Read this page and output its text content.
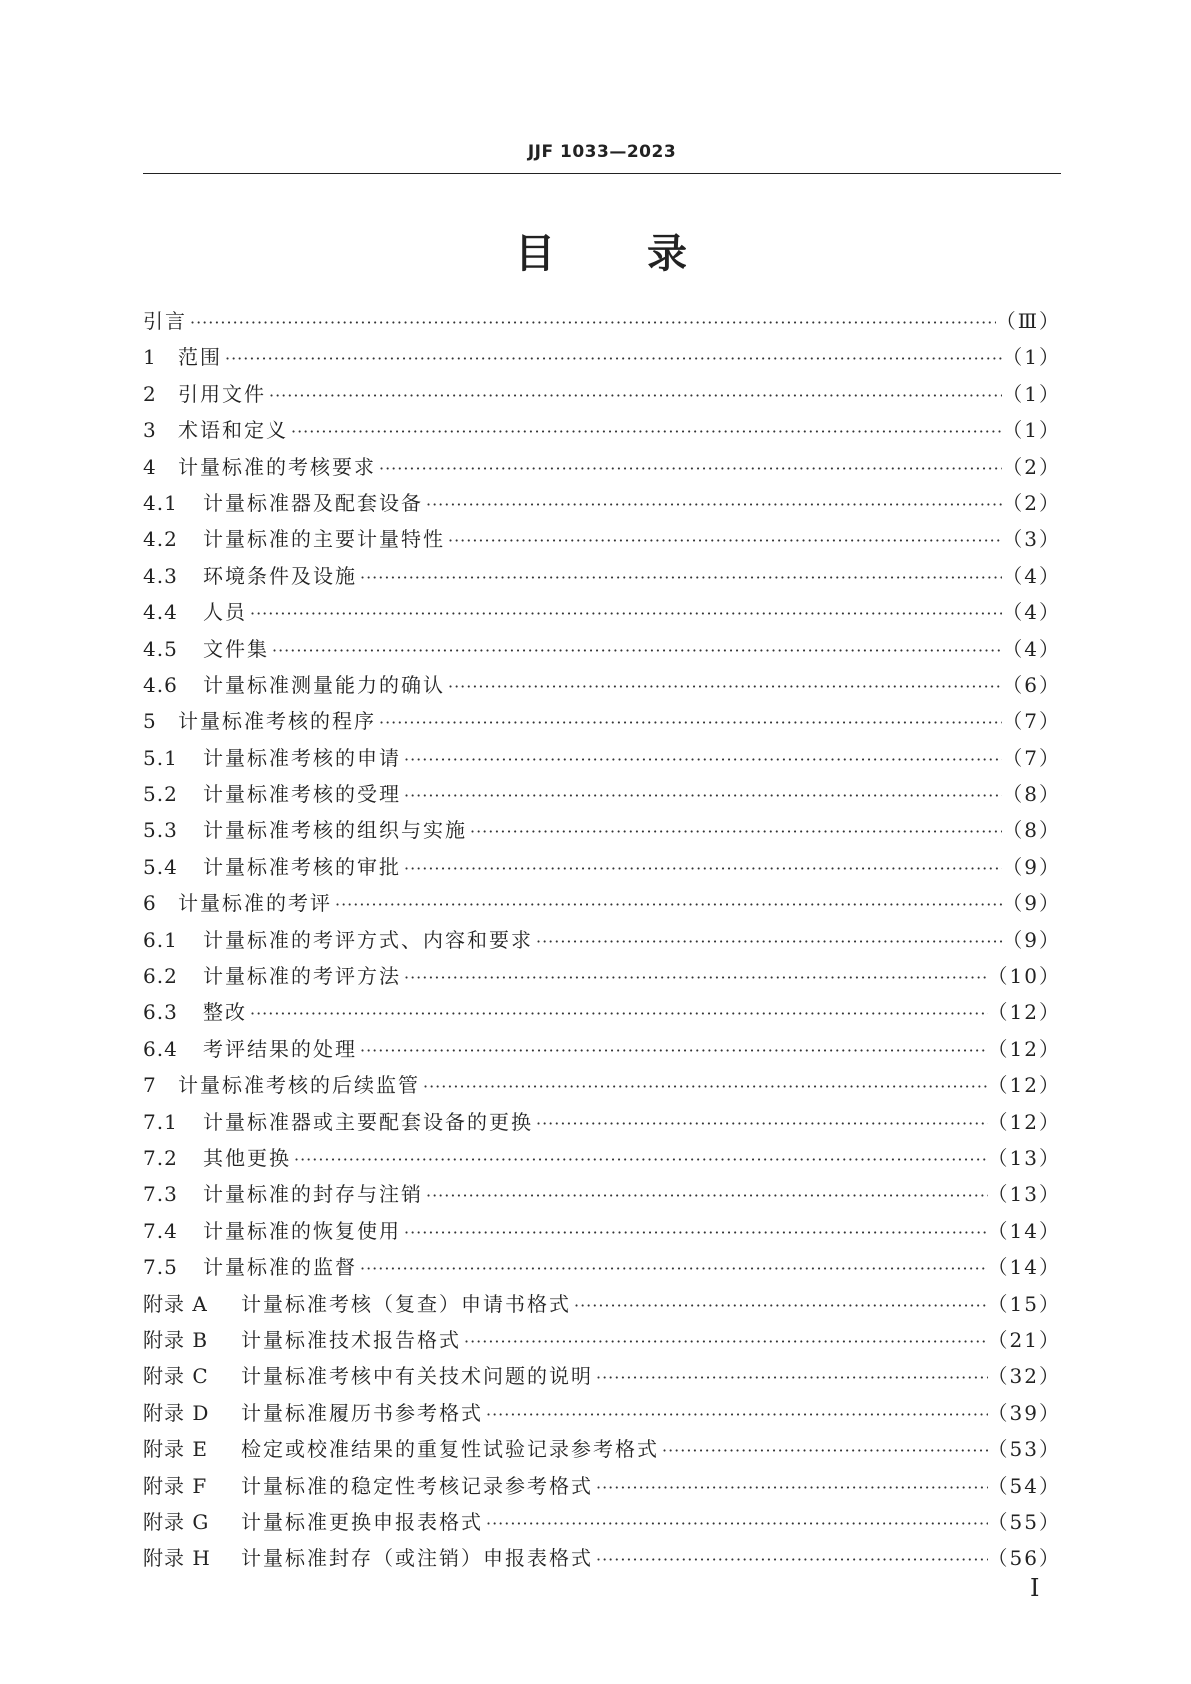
JJF 1033—2023
目 录
引言 ·····	（Ⅲ）
1	范围 ·····	（1）
2	引用文件 ·····	（1）
3	术语和定义 ·····	（1）
4	计量标准的考核要求 ·····	（2）
4.1	计量标准器及配套设备 ·····	（2）
4.2	计量标准的主要计量特性 ·····	（3）
4.3	环境条件及设施 ·····	（4）
4.4	人员 ·····	（4）
4.5	文件集 ·····	（4）
4.6	计量标准测量能力的确认 ·····	（6）
5	计量标准考核的程序 ·····	（7）
5.1	计量标准考核的申请 ·····	（7）
5.2	计量标准考核的受理 ·····	（8）
5.3	计量标准考核的组织与实施 ·····	（8）
5.4	计量标准考核的审批 ·····	（9）
6	计量标准的考评 ·····	（9）
6.1	计量标准的考评方式、内容和要求 ·····	（9）
6.2	计量标准的考评方法 ·····	（10）
6.3	整改 ·····	（12）
6.4	考评结果的处理 ·····	（12）
7	计量标准考核的后续监管 ·····	（12）
7.1	计量标准器或主要配套设备的更换 ·····	（12）
7.2	其他更换 ·····	（13）
7.3	计量标准的封存与注销 ·····	（13）
7.4	计量标准的恢复使用 ·····	（14）
7.5	计量标准的监督 ·····	（14）
附录 A	计量标准考核（复查）申请书格式 ·····	（15）
附录 B	计量标准技术报告格式 ·····	（21）
附录 C	计量标准考核中有关技术问题的说明 ·····	（32）
附录 D	计量标准履历书参考格式 ·····	（39）
附录 E	检定或校准结果的重复性试验记录参考格式 ·····	（53）
附录 F	计量标准的稳定性考核记录参考格式 ·····	（54）
附录 G	计量标准更换申报表格式 ·····	（55）
附录 H	计量标准封存（或注销）申报表格式 ·····	（56）
Ⅰ
